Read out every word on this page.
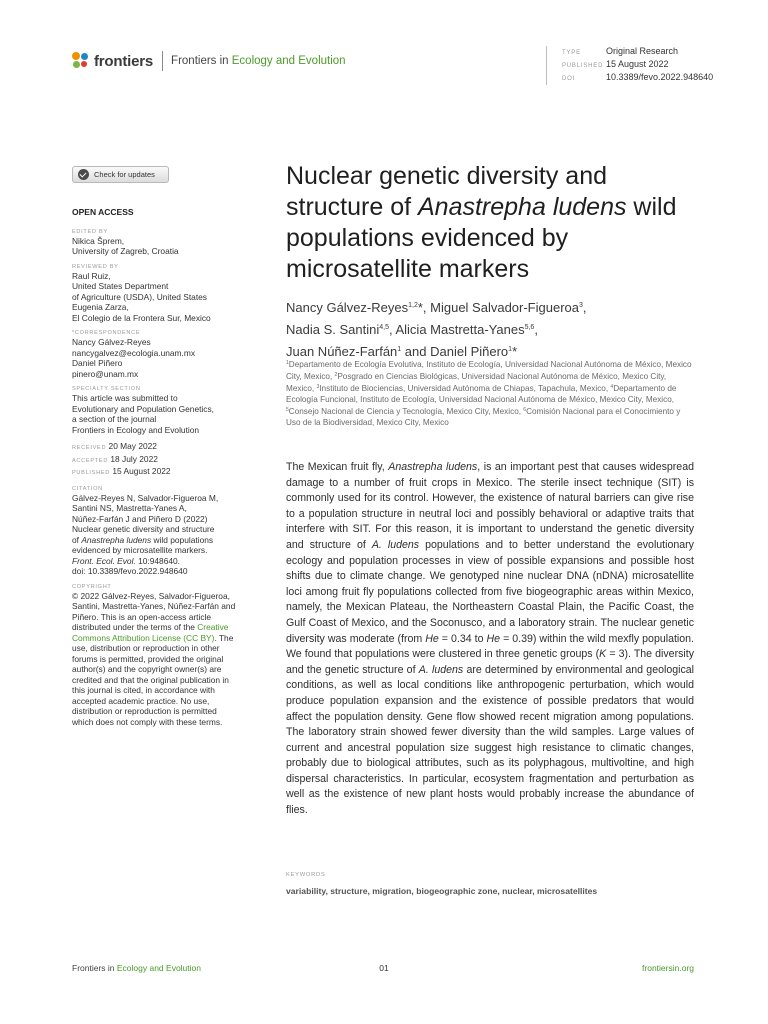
frontiers Frontiers in Ecology and Evolution
TYPE	Original Research
PUBLISHED 15 August 2022
DOI	10.3389/fevo.2022.948640
Check for updates
OPEN ACCESS
EDITED BY
Nikica Šprem,
University of Zagreb, Croatia
REVIEWED BY
Raul Ruiz,
United States Department
of Agriculture (USDA), United States
Eugenia Zarza,
El Colegio de la Frontera Sur, Mexico
*CORRESPONDENCE
Nancy Gálvez-Reyes
nancygalvez@ecologia.unam.mx
Daniel Piñero
pinero@unam.mx
SPECIALTY SECTION
This article was submitted to
Evolutionary and Population Genetics,
a section of the journal
Frontiers in Ecology and Evolution
RECEIVED 20 May 2022
ACCEPTED 18 July 2022
PUBLISHED 15 August 2022
CITATION
Gálvez-Reyes N, Salvador-Figueroa M,
Santini NS, Mastretta-Yanes A,
Núñez-Farfán J and Piñero D (2022)
Nuclear genetic diversity and structure
of Anastrepha ludens wild populations
evidenced by microsatellite markers.
Front. Ecol. Evol. 10:948640.
doi: 10.3389/fevo.2022.948640
COPYRIGHT
© 2022 Gálvez-Reyes, Salvador-Figueroa, Santini, Mastretta-Yanes, Núñez-Farfán and Piñero. This is an open-access article distributed under the terms of the Creative Commons Attribution License (CC BY). The use, distribution or reproduction in other forums is permitted, provided the original author(s) and the copyright owner(s) are credited and that the original publication in this journal is cited, in accordance with accepted academic practice. No use, distribution or reproduction is permitted which does not comply with these terms.
Nuclear genetic diversity and structure of Anastrepha ludens wild populations evidenced by microsatellite markers
Nancy Gálvez-Reyes$^{1,2}$*, Miguel Salvador-Figueroa$^3$,
Nadia S. Santini$^{4,5}$, Alicia Mastretta-Yanes$^{5,6}$,
Juan Núñez-Farfán$^1$ and Daniel Piñero$^1$*
$^1$Departamento de Ecología Evolutiva, Instituto de Ecología, Universidad Nacional Autónoma de México, Mexico City, Mexico, $^2$Posgrado en Ciencias Biológicas, Universidad Nacional Autónoma de México, Mexico City, Mexico, $^3$Instituto de Biociencias, Universidad Autónoma de Chiapas, Tapachula, Mexico, $^4$Departamento de Ecología Funcional, Instituto de Ecología, Universidad Nacional Autónoma de México, Mexico City, Mexico, $^5$Consejo Nacional de Ciencia y Tecnología, Mexico City, Mexico, $^6$Comisión Nacional para el Conocimiento y Uso de la Biodiversidad, Mexico City, Mexico

The Mexican fruit fly, Anastrepha ludens, is an important pest that causes widespread damage to a number of fruit crops in Mexico. The sterile insect technique (SIT) is commonly used for its control. However, the existence of natural barriers can give rise to a population structure in neutral loci and possibly behavioral or adaptive traits that interfere with SIT. For this reason, it is important to understand the genetic diversity and structure of A. ludens populations and to better understand the evolutionary ecology and population processes in view of possible expansions and possible host shifts due to climate change. We genotyped nine nuclear DNA (nDNA) microsatellite loci among fruit fly populations collected from five biogeographic areas within Mexico, namely, the Mexican Plateau, the Northeastern Coastal Plain, the Pacific Coast, the Gulf Coast of Mexico, and the Soconusco, and a laboratory strain. The nuclear genetic diversity was moderate (from He = 0.34 to He = 0.39) within the wild mexfly population. We found that populations were clustered in three genetic groups (K = 3). The diversity and the genetic structure of A. ludens are determined by environmental and geological conditions, as well as local conditions like anthropogenic perturbation, which would produce population expansion and the existence of possible predators that would affect the population density. Gene flow showed recent migration among populations. The laboratory strain showed fewer diversity than the wild samples. Large values of current and ancestral population size suggest high resistance to climatic changes, probably due to biological attributes, such as its polyphagous, multivoltine, and high dispersal characteristics. In particular, ecosystem fragmentation and perturbation as well as the existence of new plant hosts would probably increase the abundance of flies.

KEYWORDS
variability, structure, migration, biogeographic zone, nuclear, microsatellites
Frontiers in Ecology and Evolution	01	frontiersin.org
